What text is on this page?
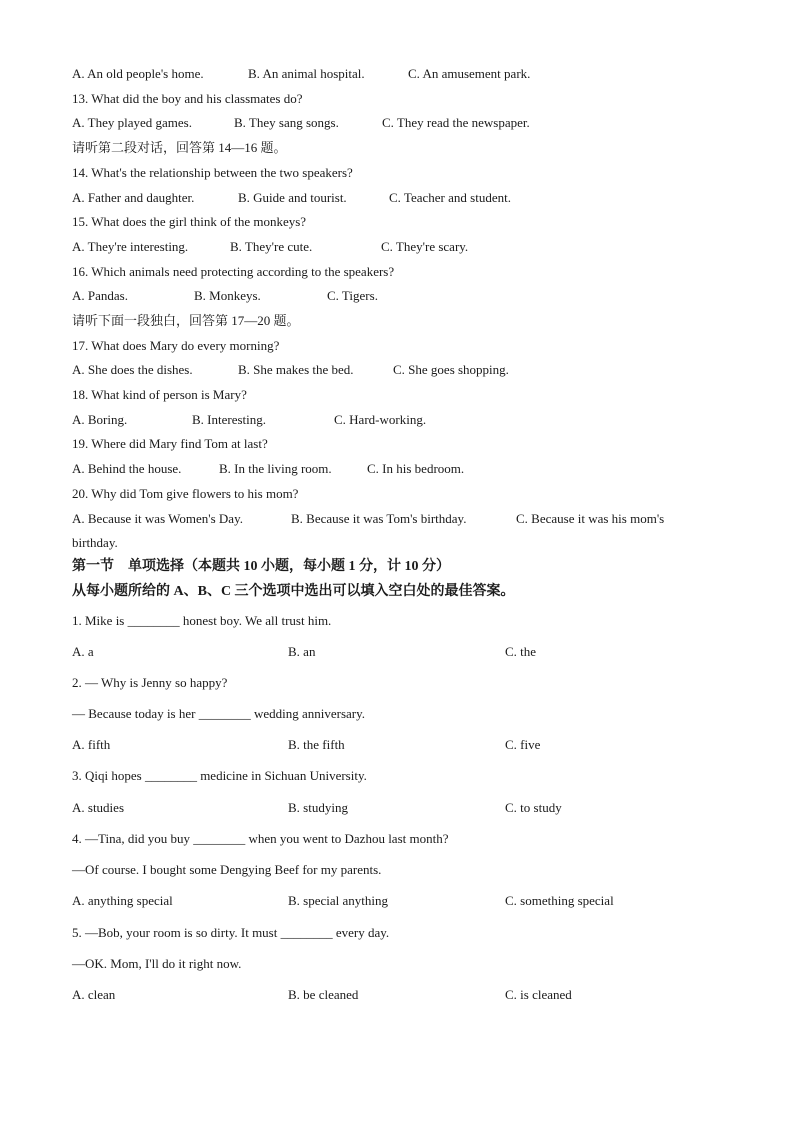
A. An old people's home.	B. An animal hospital.	C. An amusement park.
13. What did the boy and his classmates do?
A. They played games.	B. They sang songs.	C. They read the newspaper.
请听第二段对话，回答第 14—16 题。
14. What's the relationship between the two speakers?
A. Father and daughter.	B. Guide and tourist.	C. Teacher and student.
15. What does the girl think of the monkeys?
A. They're interesting.	B. They're cute.	C. They're scary.
16. Which animals need protecting according to the speakers?
A. Pandas.	B. Monkeys.	C. Tigers.
请听下面一段独白，回答第 17—20 题。
17. What does Mary do every morning?
A. She does the dishes.	B. She makes the bed.	C. She goes shopping.
18. What kind of person is Mary?
A. Boring.	B. Interesting.	C. Hard-working.
19. Where did Mary find Tom at last?
A. Behind the house.	B. In the living room.	C. In his bedroom.
20. Why did Tom give flowers to his mom?
A. Because it was Women's Day.	B. Because it was Tom's birthday.	C. Because it was his mom's
birthday.
第一节　单项选择（本题共 10 小题，每小题 1 分，计 10 分）
从每小题所给的 A、B、C 三个选项中选出可以填入空白处的最佳答案。
1. Mike is ________ honest boy. We all trust him.
A. a	B. an	C. the
2. — Why is Jenny so happy?
— Because today is her ________ wedding anniversary.
A. fifth	B. the fifth	C. five
3. Qiqi hopes ________ medicine in Sichuan University.
A. studies	B. studying	C. to study
4. —Tina, did you buy ________ when you went to Dazhou last month?
—Of course. I bought some Dengying Beef for my parents.
A. anything special	B. special anything	C. something special
5. —Bob, your room is so dirty. It must ________ every day.
—OK. Mom, I'll do it right now.
A. clean	B. be cleaned	C. is cleaned
